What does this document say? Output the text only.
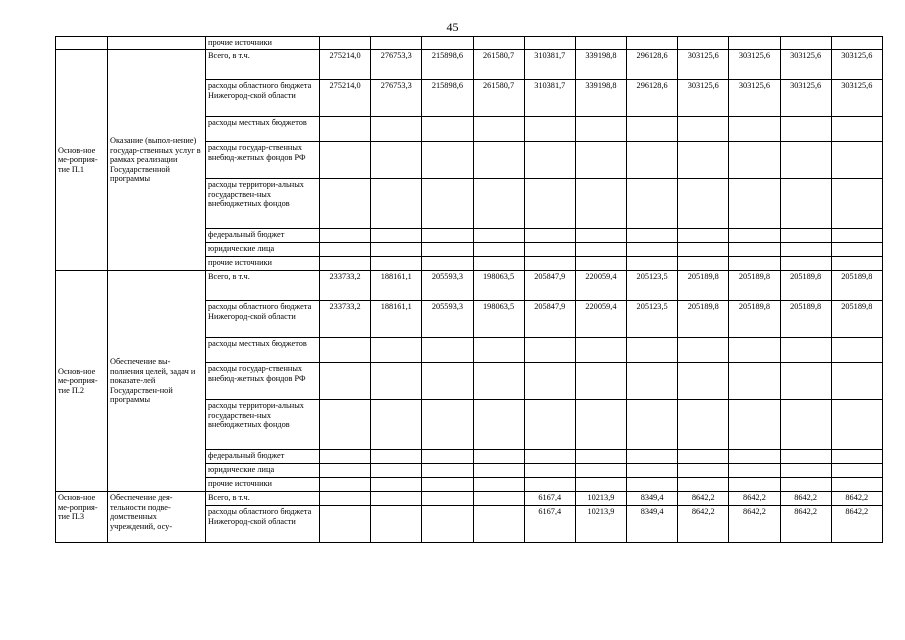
45
		прочие источники											
Основ-ное ме-роприя-тие П.1	Оказание (выпол-нение) государ-ственных услуг в рамках реализации Государственной программы	Всего, в т.ч.	275214,0	276753,3	215898,6	261580,7	310381,7	339198,8	296128,6	303125,6	303125,6	303125,6	303125,6
		расходы областного бюджета Нижегород-ской области	275214,0	276753,3	215898,6	261580,7	310381,7	339198,8	296128,6	303125,6	303125,6	303125,6	303125,6
		расходы местных бюджетов											
		расходы государ-ственных внебюд-жетных фондов РФ											
		расходы территори-альных государствен-ных внебюджетных фондов											
		федеральный бюджет											
		юридические лица											
		прочие источники											
Основ-ное ме-роприя-тие П.2	Обеспечение вы-полнения целей, задач и показате-лей Государствен-ной программы	Всего, в т.ч.	233733,2	188161,1	205593,3	198063,5	205847,9	220059,4	205123,5	205189,8	205189,8	205189,8	205189,8
		расходы областного бюджета Нижегород-ской области	233733,2	188161,1	205593,3	198063,5	205847,9	220059,4	205123,5	205189,8	205189,8	205189,8	205189,8
		расходы местных бюджетов											
		расходы государ-ственных внебюд-жетных фондов РФ											
		расходы территори-альных государствен-ных внебюджетных фондов											
		федеральный бюджет											
		юридические лица											
		прочие источники											
Основ-ное ме-роприя-тие П.3	Обеспечение дея-тельности подве-домственных учреждений, осу-	Всего, в т.ч.					6167,4	10213,9	8349,4	8642,2	8642,2	8642,2	8642,2
		расходы областного бюджета Нижегород-ской области					6167,4	10213,9	8349,4	8642,2	8642,2	8642,2	8642,2
